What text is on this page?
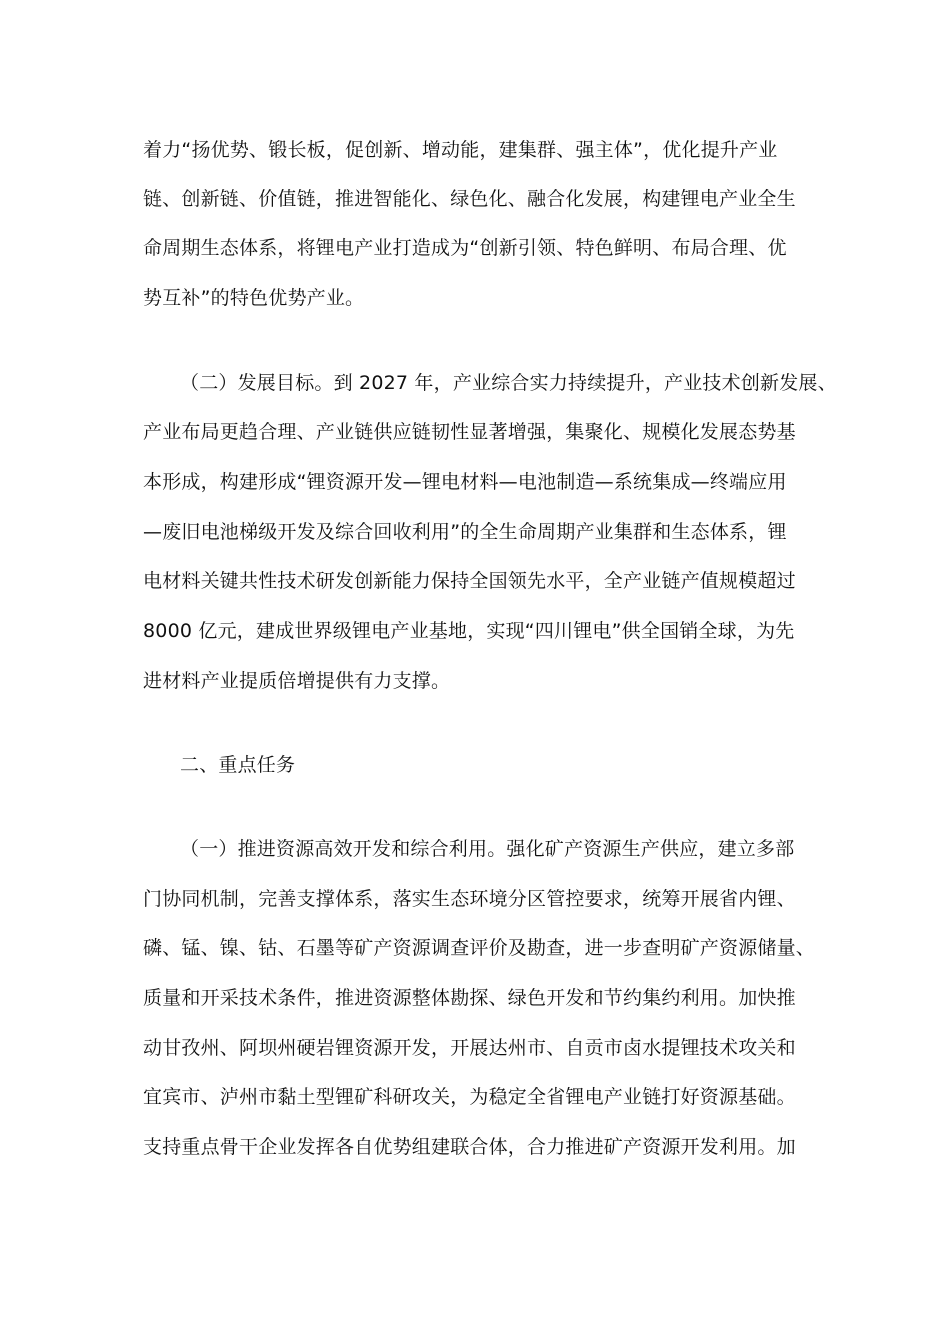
着力“扬优势、锻长板，促创新、增动能，建集群、强主体”，优化提升产业
链、创新链、价值链，推进智能化、绿色化、融合化发展，构建锂电产业全生
命周期生态体系，将锂电产业打造成为“创新引领、特色鲜明、布局合理、优
势互补”的特色优势产业。
（二）发展目标。到 2027 年，产业综合实力持续提升，产业技术创新发展、
产业布局更趋合理、产业链供应链韧性显著增强，集聚化、规模化发展态势基
本形成，构建形成“锂资源开发—锂电材料—电池制造—系统集成—终端应用
—废旧电池梯级开发及综合回收利用”的全生命周期产业集群和生态体系，锂
电材料关键共性技术研发创新能力保持全国领先水平，全产业链产值规模超过
8000 亿元，建成世界级锂电产业基地，实现“四川锂电”供全国销全球，为先
进材料产业提质倍增提供有力支撑。
二、重点任务
（一）推进资源高效开发和综合利用。强化矿产资源生产供应，建立多部
门协同机制，完善支撑体系，落实生态环境分区管控要求，统筹开展省内锂、
磷、锰、镍、钴、石墨等矿产资源调查评价及勘查，进一步查明矿产资源储量、
质量和开采技术条件，推进资源整体勘探、绿色开发和节约集约利用。加快推
动甘孜州、阿坝州硬岩锂资源开发，开展达州市、自贡市卤水提锂技术攻关和
宜宾市、泸州市黏土型锂矿科研攻关，为稳定全省锂电产业链打好资源基础。
支持重点骨干企业发挥各自优势组建联合体，合力推进矿产资源开发利用。加
